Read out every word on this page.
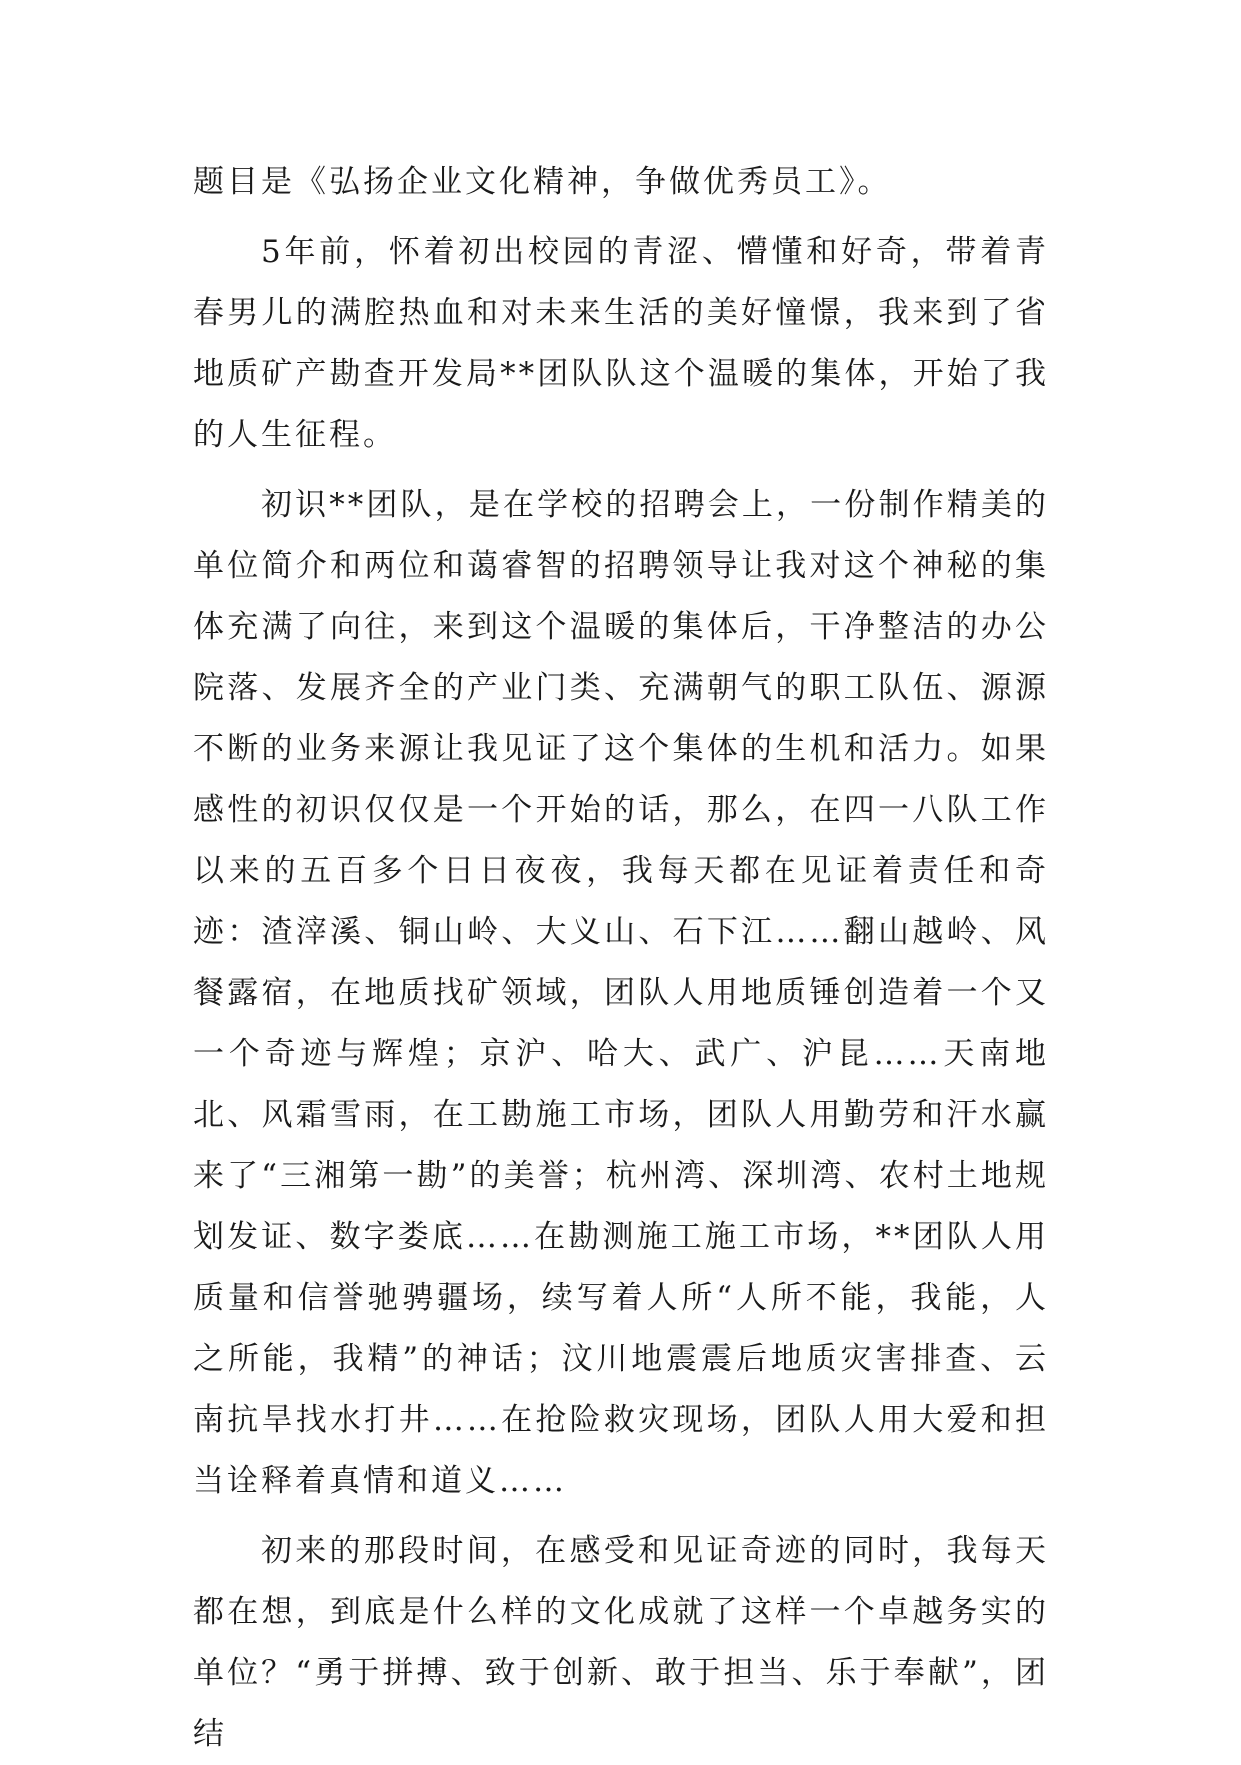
题目是《弘扬企业文化精神，争做优秀员工》。

5年前，怀着初出校园的青涩、懵懂和好奇，带着青春男儿的满腔热血和对未来生活的美好憧憬，我来到了省地质矿产勘查开发局**团队队这个温暖的集体，开始了我的人生征程。

初识**团队，是在学校的招聘会上，一份制作精美的单位简介和两位和蔼睿智的招聘领导让我对这个神秘的集体充满了向往，来到这个温暖的集体后，干净整洁的办公院落、发展齐全的产业门类、充满朝气的职工队伍、源源不断的业务来源让我见证了这个集体的生机和活力。如果感性的初识仅仅是一个开始的话，那么，在四一八队工作以来的五百多个日日夜夜，我每天都在见证着责任和奇迹：渣滓溪、铜山岭、大义山、石下江……翻山越岭、风餐露宿，在地质找矿领域，团队人用地质锤创造着一个又一个奇迹与辉煌；京沪、哈大、武广、沪昆……天南地北、风霜雪雨，在工勘施工市场，团队人用勤劳和汗水赢来了“三湘第一勘”的美誉；杭州湾、深圳湾、农村土地规划发证、数字娄底……在勘测施工施工市场，**团队人用质量和信誉驰骋疆场，续写着人所“人所不能，我能，人之所能，我精”的神话；汶川地震震后地质灾害排查、云南抗旱找水打井……在抢险救灾现场，团队人用大爱和担当诠释着真情和道义……

初来的那段时间，在感受和见证奇迹的同时，我每天都在想，到底是什么样的文化成就了这样一个卓越务实的单位？“勇于拼搏、致于创新、敢于担当、乐于奉献”，团结
